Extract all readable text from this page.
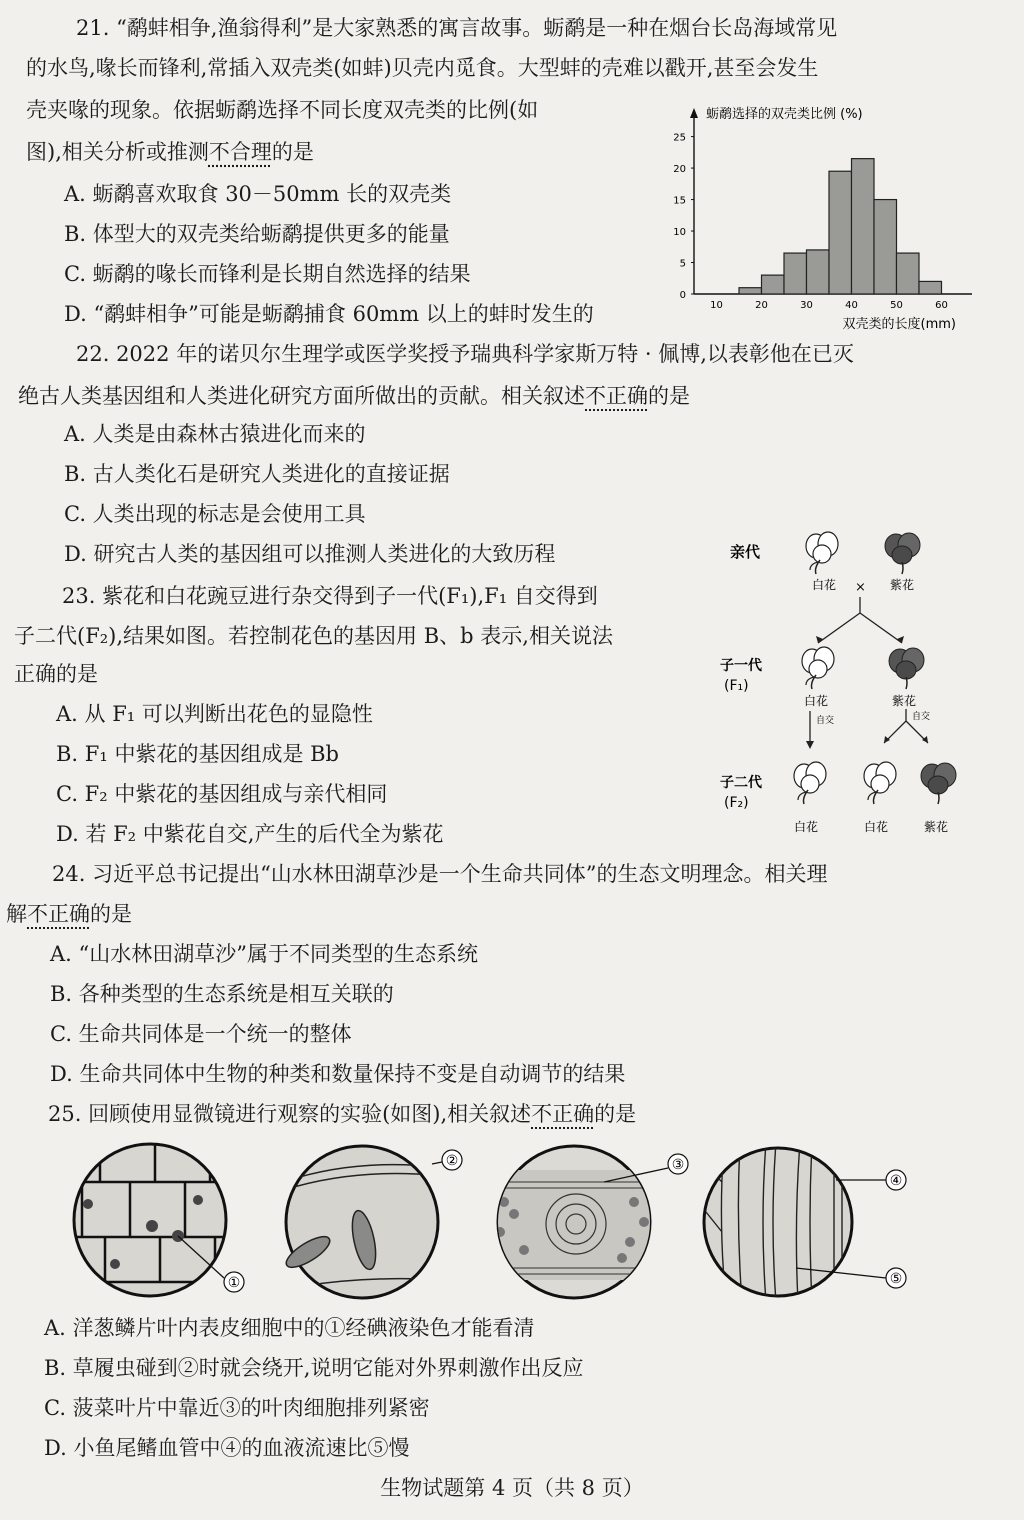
21. “鹬蚌相争,渔翁得利”是大家熟悉的寓言故事。蛎鹬是一种在烟台长岛海域常见
的水鸟,喙长而锋利,常插入双壳类(如蚌)贝壳内觅食。大型蚌的壳难以戳开,甚至会发生
壳夹喙的现象。依据蛎鹬选择不同长度双壳类的比例(如
图),相关分析或推测不合理的是
A. 蛎鹬喜欢取食 30－50mm 长的双壳类
B. 体型大的双壳类给蛎鹬提供更多的能量
C. 蛎鹬的喙长而锋利是长期自然选择的结果
D. “鹬蚌相争”可能是蛎鹬捕食 60mm 以上的蚌时发生的
蛎鹬选择的双壳类比例 (%)
0
5
10
15
20
25
10	20	30	40	50	60
双壳类的长度(mm)
22. 2022 年的诺贝尔生理学或医学奖授予瑞典科学家斯万特 · 佩博,以表彰他在已灭
绝古人类基因组和人类进化研究方面所做出的贡献。相关叙述不正确的是
A. 人类是由森林古猿进化而来的
B. 古人类化石是研究人类进化的直接证据
C. 人类出现的标志是会使用工具
D. 研究古人类的基因组可以推测人类进化的大致历程
23. 紫花和白花豌豆进行杂交得到子一代(F₁),F₁ 自交得到
子二代(F₂),结果如图。若控制花色的基因用 B、b 表示,相关说法
正确的是
A. 从 F₁ 可以判断出花色的显隐性
B. F₁ 中紫花的基因组成是 Bb
C. F₂ 中紫花的基因组成与亲代相同
D. 若 F₂ 中紫花自交,产生的后代全为紫花
亲代
白花	紫花
×
子一代
(F₁)
白花	紫花
自交	自交
子二代
(F₂)
白花	白花	紫花
24. 习近平总书记提出“山水林田湖草沙是一个生命共同体”的生态文明理念。相关理
解不正确的是
A. “山水林田湖草沙”属于不同类型的生态系统
B. 各种类型的生态系统是相互关联的
C. 生命共同体是一个统一的整体
D. 生命共同体中生物的种类和数量保持不变是自动调节的结果
25. 回顾使用显微镜进行观察的实验(如图),相关叙述不正确的是
①
②	③
④
⑤
A. 洋葱鳞片叶内表皮细胞中的①经碘液染色才能看清
B. 草履虫碰到②时就会绕开,说明它能对外界刺激作出反应
C. 菠菜叶片中靠近③的叶肉细胞排列紧密
D. 小鱼尾鳍血管中④的血液流速比⑤慢
生物试题第 4 页（共 8 页）
